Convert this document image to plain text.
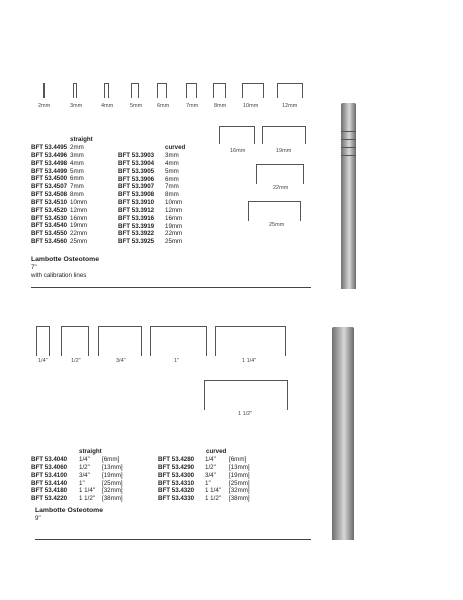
2mm	3mm	4mm	5mm	6mm	7mm	8mm	10mm	12mm
16mm	19mm
22mm
25mm
straight
curved
BFT 53.4495 2mm
BFT 53.4496 3mm
BFT 53.4498 4mm
BFT 53.4499 5mm
BFT 53.4500 6mm
BFT 53.4507 7mm
BFT 53.4508 8mm
BFT 53.4510 10mm
BFT 53.4520 12mm
BFT 53.4530 16mm
BFT 53.4540 19mm
BFT 53.4550 22mm
BFT 53.4560 25mm
BFT 53.3903	3mm
BFT 53.3904	4mm
BFT 53.3905	5mm
BFT 53.3906	6mm
BFT 53.3907	7mm
BFT 53.3908	8mm
BFT 53.3910	10mm
BFT 53.3912	12mm
BFT 53.3916	16mm
BFT 53.3919	19mm
BFT 53.3922	22mm
BFT 53.3925	25mm
Lambotte Osteotome
7"
with calibration lines
1/4"	1/2"	3/4"	1"	1 1/4"
1 1/2"
straight	curved
BFT 53.4040	1/4"	[6mm]
BFT 53.4060	1/2"	[13mm]
BFT 53.4100	3/4"	[19mm]
BFT 53.4140	1"	[25mm]
BFT 53.4180	1 1/4"	[32mm]
BFT 53.4220	1 1/2"	[38mm]
BFT 53.4280	1/4"	[6mm]
BFT 53.4290	1/2"	[13mm]
BFT 53.4300	3/4"	[19mm]
BFT 53.4310	1"	[25mm]
BFT 53.4320	1 1/4"	[32mm]
BFT 53.4330	1 1/2"	[38mm]
Lambotte Osteotome
9"
